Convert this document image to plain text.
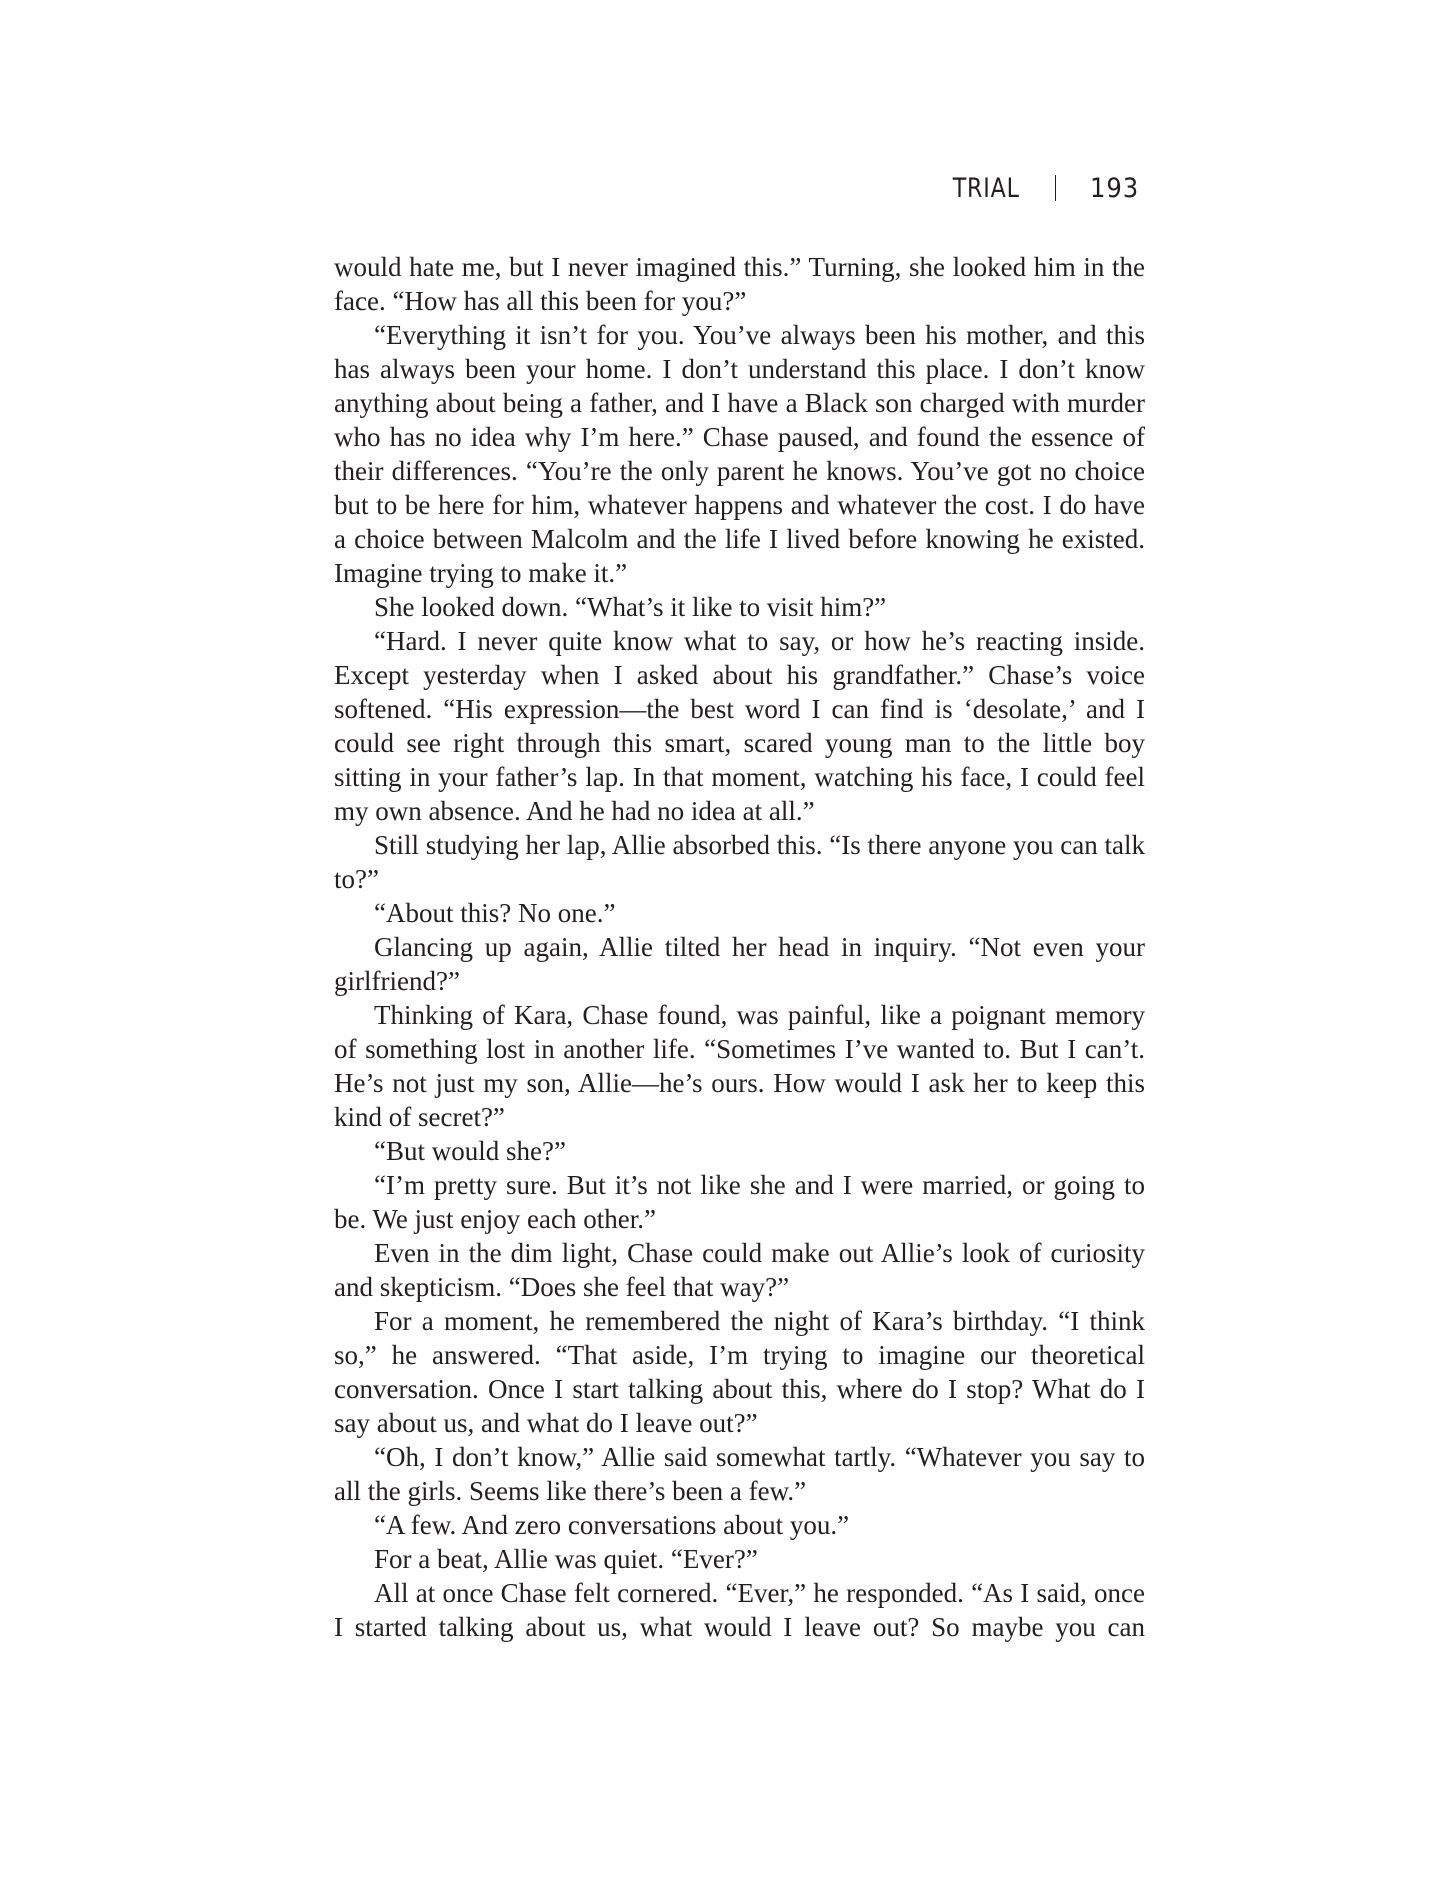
TRIAL	193

would hate me, but I never imagined this.” Turning, she looked him in the face. “How has all this been for you?”

“Everything it isn’t for you. You’ve always been his mother, and this has always been your home. I don’t understand this place. I don’t know anything about being a father, and I have a Black son charged with murder who has no idea why I’m here.” Chase paused, and found the essence of their differences. “You’re the only parent he knows. You’ve got no choice but to be here for him, whatever happens and whatever the cost. I do have a choice between Malcolm and the life I lived before knowing he existed. Imagine trying to make it.”

She looked down. “What’s it like to visit him?”

“Hard. I never quite know what to say, or how he’s reacting inside. Except yesterday when I asked about his grandfather.” Chase’s voice softened. “His expression—the best word I can find is ‘desolate,’ and I could see right through this smart, scared young man to the little boy sitting in your father’s lap. In that moment, watching his face, I could feel my own absence. And he had no idea at all.”

Still studying her lap, Allie absorbed this. “Is there anyone you can talk to?”

“About this? No one.”

Glancing up again, Allie tilted her head in inquiry. “Not even your girlfriend?”

Thinking of Kara, Chase found, was painful, like a poignant memory of something lost in another life. “Sometimes I’ve wanted to. But I can’t. He’s not just my son, Allie—he’s ours. How would I ask her to keep this kind of secret?”

“But would she?”

“I’m pretty sure. But it’s not like she and I were married, or going to be. We just enjoy each other.”

Even in the dim light, Chase could make out Allie’s look of curiosity and skepticism. “Does she feel that way?”

For a moment, he remembered the night of Kara’s birthday. “I think so,” he answered. “That aside, I’m trying to imagine our theoretical conversation. Once I start talking about this, where do I stop? What do I say about us, and what do I leave out?”

“Oh, I don’t know,” Allie said somewhat tartly. “Whatever you say to all the girls. Seems like there’s been a few.”

“A few. And zero conversations about you.”

For a beat, Allie was quiet. “Ever?”

All at once Chase felt cornered. “Ever,” he responded. “As I said, once I started talking about us, what would I leave out? So maybe you can
